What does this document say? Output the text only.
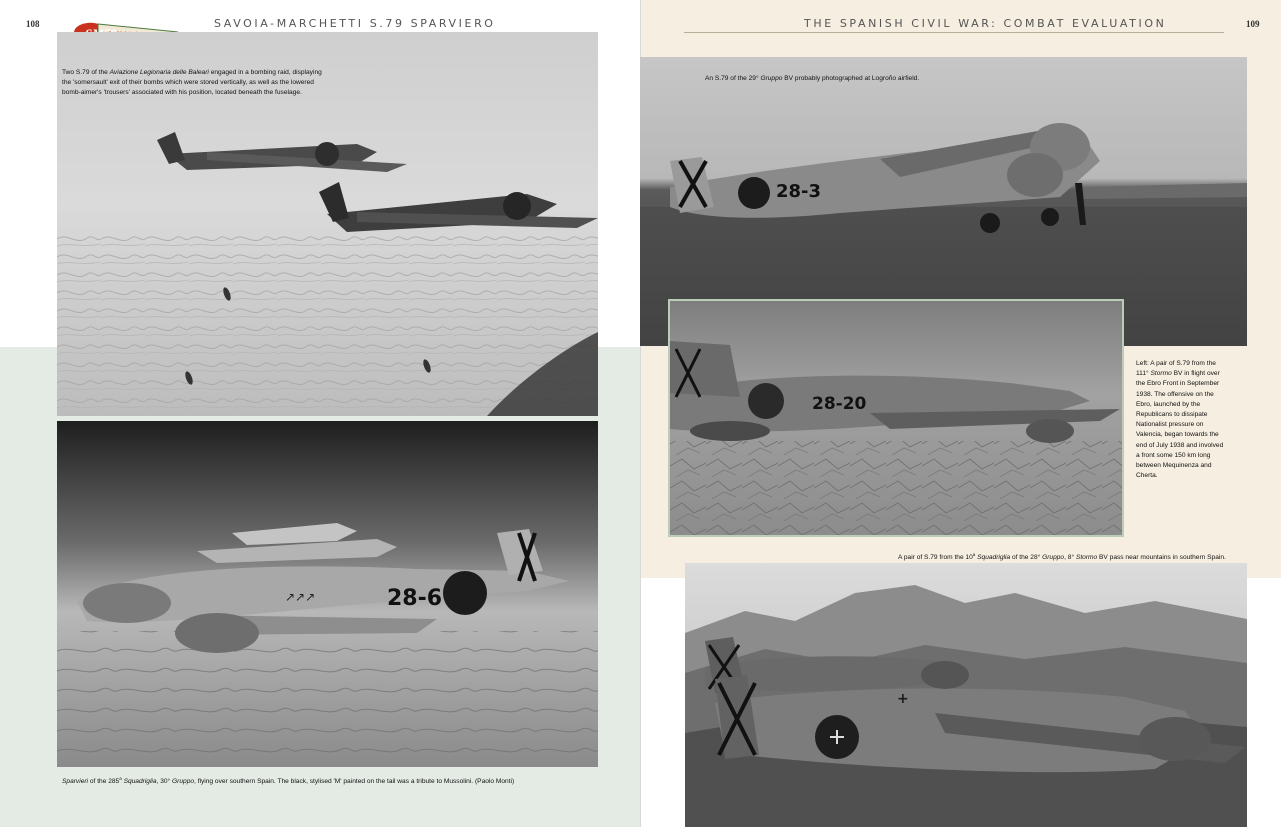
108	SAVOIA-MARCHETTI S.79 SPARVIERO
Two S.79 of the Aviazione Legionaria delle Baleari engaged in a bombing raid, displaying the 'somersault' exit of their bombs which were stored vertically, as well as the lowered bomb-aimer's 'trousers' associated with his position, located beneath the fuselage.
28-6
↗↗↗
Sparvieri of the 285$^a$ Squadriglia, 30° Gruppo, flying over southern Spain. The black, stylised 'M' painted on the tail was a tribute to Mussolini. (Paolo Monti)
THE SPANISH CIVIL WAR: COMBAT EVALUATION	109
28-3
An S.79 of the 29° Gruppo BV probably photographed at Logroño airfield.
28-20
Left: A pair of S.79 from the 111° Stormo BV in flight over the Ebro Front in September 1938. The offensive on the Ebro, launched by the Republicans to dissipate Nationalist pressure on Valencia, began towards the end of July 1938 and involved a front some 150 km long between Mequinenza and Cherta.
A pair of S.79 from the 10$^a$ Squadriglia of the 28° Gruppo, 8° Stormo BV pass near mountains in southern Spain.
+
